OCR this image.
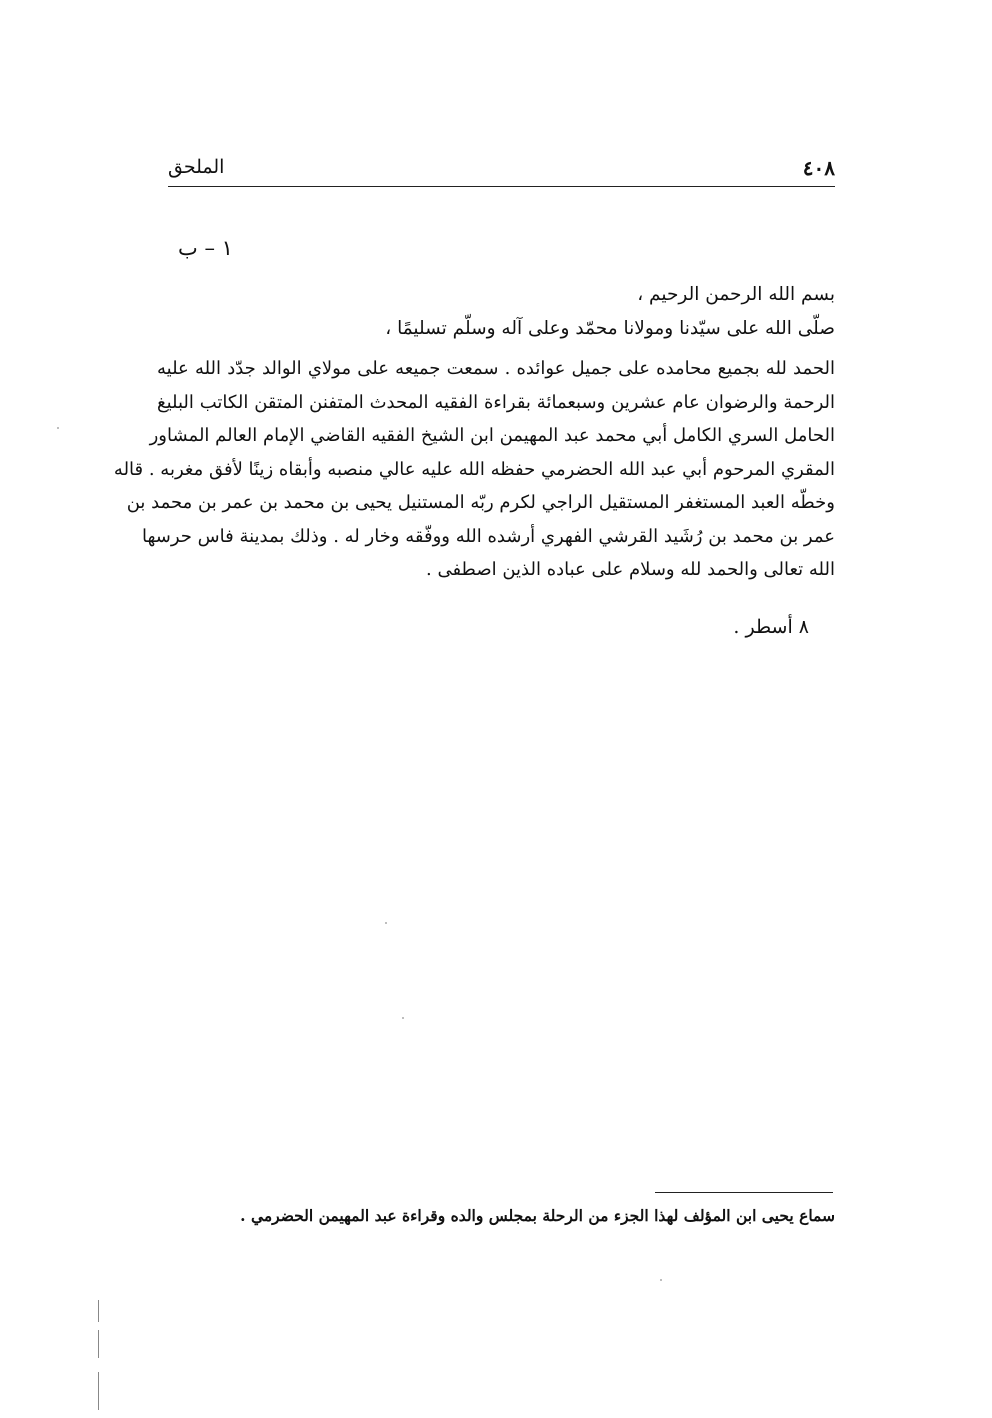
٤٠٨
الملحق
١ – ب
بسم الله الرحمن الرحيم ،
صلّى الله على سيّدنا ومولانا محمّد وعلى آله وسلّم تسليمًا ،
الحمد لله بجميع محامده على جميل عوائده . سمعت جميعه على مولاي الوالد جدّد الله عليه
الرحمة والرضوان عام عشرين وسبعمائة بقراءة الفقيه المحدث المتفنن المتقن الكاتب البليغ
الحامل السري الكامل أبي محمد عبد المهيمن ابن الشيخ الفقيه القاضي الإمام العالم المشاور
المقري المرحوم أبي عبد الله الحضرمي حفظه الله عليه عالي منصبه وأبقاه زينًا لأفق مغربه . قاله
وخطّه العبد المستغفر المستقيل الراجي لكرم ربّه المستنيل يحيى بن محمد بن عمر بن محمد بن
عمر بن محمد بن رُشَيد القرشي الفهري أرشده الله ووفّقه وخار له . وذلك بمدينة فاس حرسها
الله تعالى والحمد لله وسلام على عباده الذين اصطفى .
٨ أسطر .
سماع يحيى ابن المؤلف لهذا الجزء من الرحلة بمجلس والده وقراءة عبد المهيمن الحضرمي .
